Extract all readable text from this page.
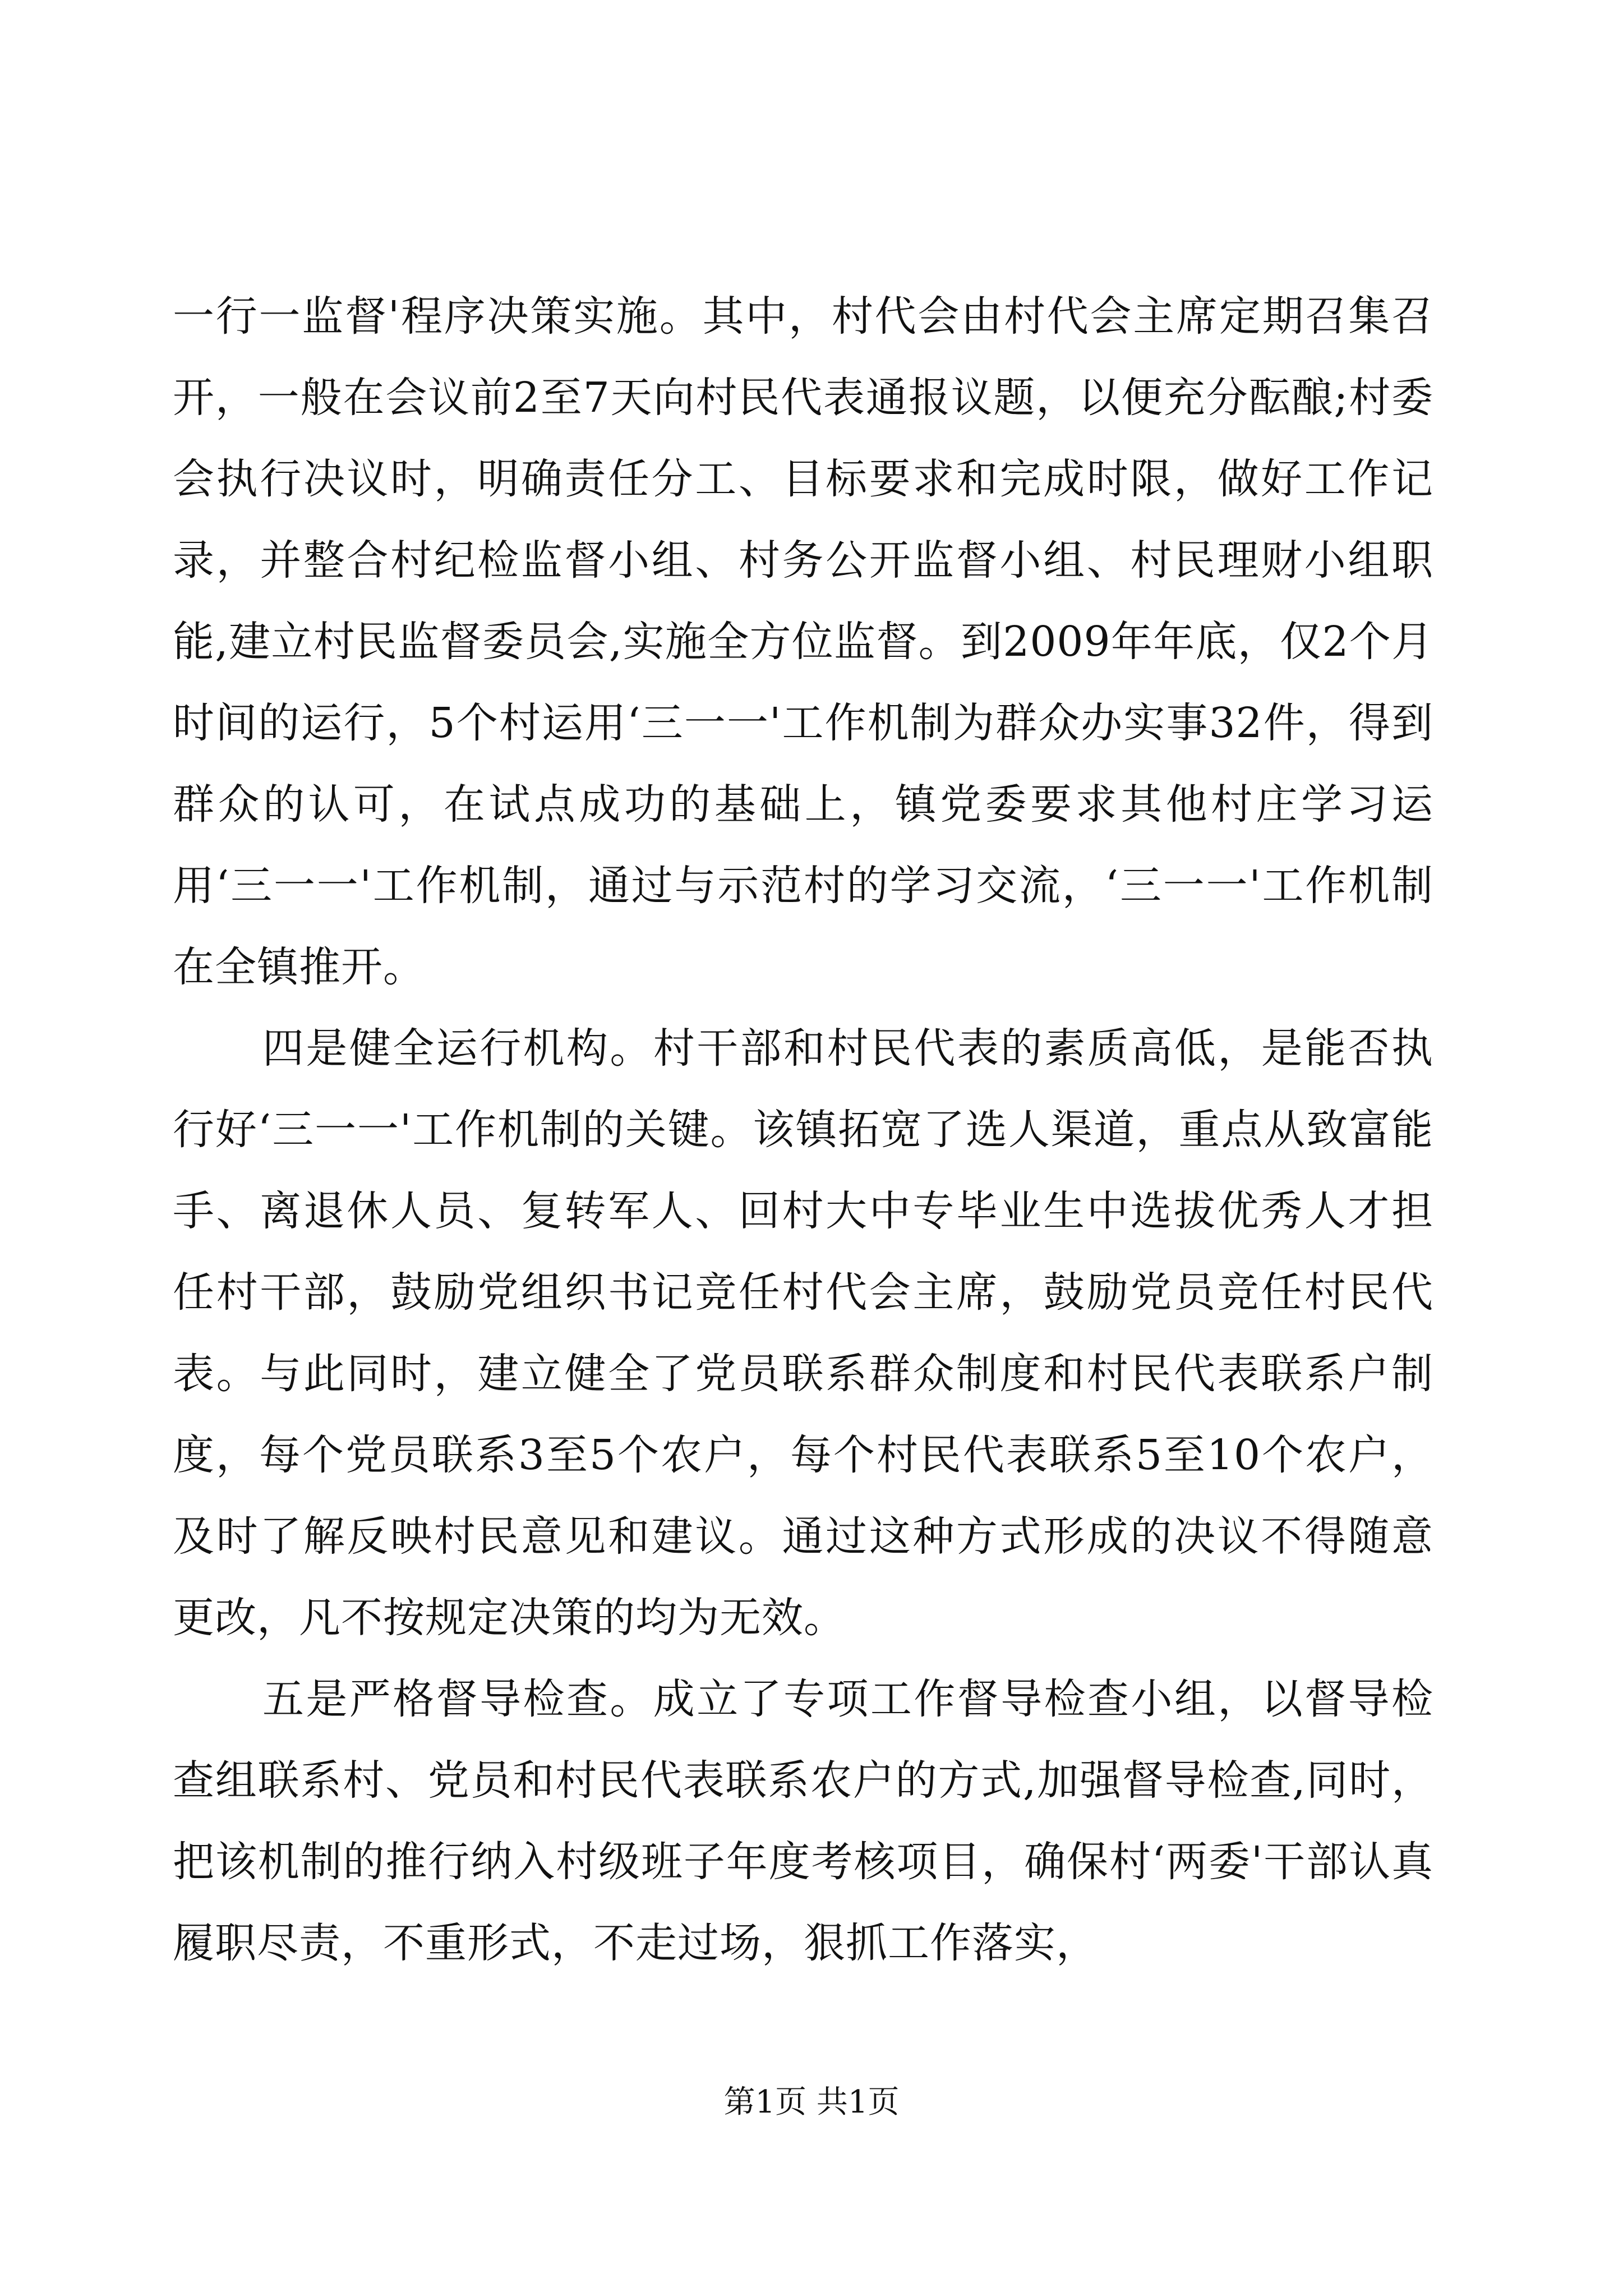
一行一监督'程序决策实施。其中，村代会由村代会主席定期召集召开，一般在会议前2至7天向村民代表通报议题，以便充分酝酿;村委会执行决议时，明确责任分工、目标要求和完成时限，做好工作记录，并整合村纪检监督小组、村务公开监督小组、村民理财小组职能,建立村民监督委员会,实施全方位监督。到2009年年底，仅2个月时间的运行，5个村运用‘三一一'工作机制为群众办实事32件，得到群众的认可，在试点成功的基础上，镇党委要求其他村庄学习运用‘三一一'工作机制，通过与示范村的学习交流，‘三一一'工作机制在全镇推开。

四是健全运行机构。村干部和村民代表的素质高低，是能否执行好‘三一一'工作机制的关键。该镇拓宽了选人渠道，重点从致富能手、离退休人员、复转军人、回村大中专毕业生中选拔优秀人才担任村干部，鼓励党组织书记竞任村代会主席，鼓励党员竞任村民代表。与此同时，建立健全了党员联系群众制度和村民代表联系户制度，每个党员联系3至5个农户，每个村民代表联系5至10个农户，及时了解反映村民意见和建议。通过这种方式形成的决议不得随意更改，凡不按规定决策的均为无效。

五是严格督导检查。成立了专项工作督导检查小组，以督导检查组联系村、党员和村民代表联系农户的方式,加强督导检查,同时，把该机制的推行纳入村级班子年度考核项目，确保村‘两委'干部认真履职尽责，不重形式，不走过场，狠抓工作落实，

第1页 共1页
